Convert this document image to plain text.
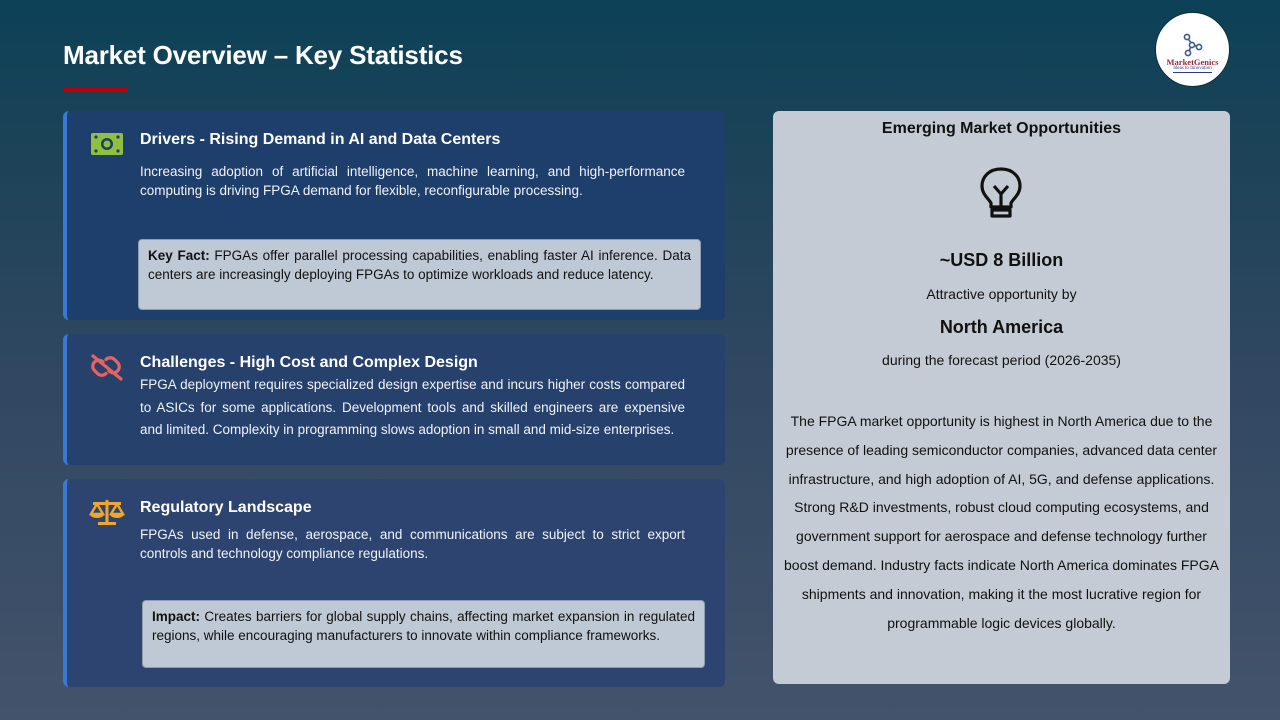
Market Overview – Key Statistics	MarketGenics
Ideas to Innovation
Drivers - Rising Demand in AI and Data Centers
Increasing adoption of artificial intelligence, machine learning, and high-performance computing is driving FPGA demand for flexible, reconfigurable processing.
Key Fact: FPGAs offer parallel processing capabilities, enabling faster AI inference. Data centers are increasingly deploying FPGAs to optimize workloads and reduce latency.
Challenges - High Cost and Complex Design
FPGA deployment requires specialized design expertise and incurs higher costs compared to ASICs for some applications. Development tools and skilled engineers are expensive and limited. Complexity in programming slows adoption in small and mid-size enterprises.
Regulatory Landscape
FPGAs used in defense, aerospace, and communications are subject to strict export controls and technology compliance regulations.
Impact: Creates barriers for global supply chains, affecting market expansion in regulated regions, while encouraging manufacturers to innovate within compliance frameworks.
Emerging Market Opportunities
~USD 8 Billion
Attractive opportunity by
North America
during the forecast period (2026-2035)
The FPGA market opportunity is highest in North America due to the presence of leading semiconductor companies, advanced data center infrastructure, and high adoption of AI, 5G, and defense applications. Strong R&D investments, robust cloud computing ecosystems, and government support for aerospace and defense technology further boost demand. Industry facts indicate North America dominates FPGA shipments and innovation, making it the most lucrative region for programmable logic devices globally.
